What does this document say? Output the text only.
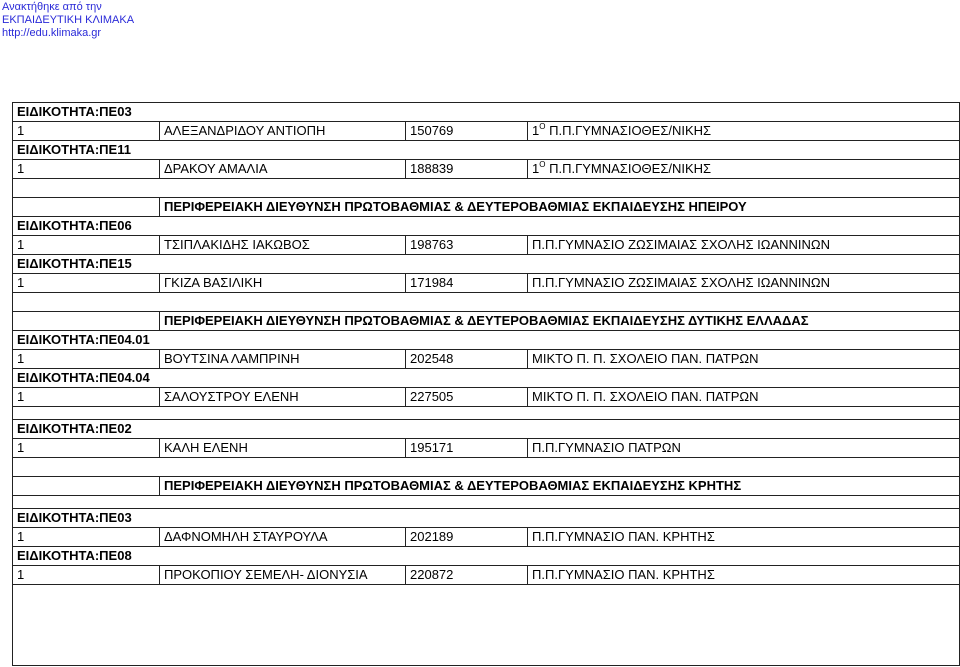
Ανακτήθηκε από την
ΕΚΠΑΙΔΕΥΤΙΚΗ ΚΛΙΜΑΚΑ
http://edu.klimaka.gr
ΕΙΔΙΚΟΤΗΤΑ:ΠΕ03			
1	ΑΛΕΞΑΝΔΡΙΔΟΥ ΑΝΤΙΟΠΗ	150769	$1^O$ Π.Π.ΓΥΜΝΑΣΙΟΘΕΣ/ΝΙΚΗΣ
ΕΙΔΙΚΟΤΗΤΑ:ΠΕ11			
1	ΔΡΑΚΟΥ ΑΜΑΛΙΑ	188839	$1^O$ Π.Π.ΓΥΜΝΑΣΙΟΘΕΣ/ΝΙΚΗΣ

	ΠΕΡΙΦΕΡΕΙΑΚΗ ΔΙΕΥΘΥΝΣΗ ΠΡΩΤΟΒΑΘΜΙΑΣ & ΔΕΥΤΕΡΟΒΑΘΜΙΑΣ ΕΚΠΑΙΔΕΥΣΗΣ ΗΠΕΙΡΟΥ		
ΕΙΔΙΚΟΤΗΤΑ:ΠΕ06			
1	ΤΣΙΠΛΑΚΙΔΗΣ ΙΑΚΩΒΟΣ	198763	Π.Π.ΓΥΜΝΑΣΙΟ ΖΩΣΙΜΑΙΑΣ ΣΧΟΛΗΣ ΙΩΑΝΝΙΝΩΝ
ΕΙΔΙΚΟΤΗΤΑ:ΠΕ15			
1	ΓΚΙΖΑ ΒΑΣΙΛΙΚΗ	171984	Π.Π.ΓΥΜΝΑΣΙΟ ΖΩΣΙΜΑΙΑΣ ΣΧΟΛΗΣ ΙΩΑΝΝΙΝΩΝ

	ΠΕΡΙΦΕΡΕΙΑΚΗ ΔΙΕΥΘΥΝΣΗ ΠΡΩΤΟΒΑΘΜΙΑΣ & ΔΕΥΤΕΡΟΒΑΘΜΙΑΣ ΕΚΠΑΙΔΕΥΣΗΣ ΔΥΤΙΚΗΣ ΕΛΛΑΔΑΣ		
ΕΙΔΙΚΟΤΗΤΑ:ΠΕ04.01			
1	ΒΟΥΤΣΙΝΑ ΛΑΜΠΡΙΝΗ	202548	ΜΙΚΤΟ Π. Π. ΣΧΟΛΕΙΟ ΠΑΝ. ΠΑΤΡΩΝ
ΕΙΔΙΚΟΤΗΤΑ:ΠΕ04.04			
1	ΣΑΛΟΥΣΤΡΟΥ ΕΛΕΝΗ	227505	ΜΙΚΤΟ Π. Π. ΣΧΟΛΕΙΟ ΠΑΝ. ΠΑΤΡΩΝ

ΕΙΔΙΚΟΤΗΤΑ:ΠΕ02			
1	ΚΑΛΗ ΕΛΕΝΗ	195171	Π.Π.ΓΥΜΝΑΣΙΟ ΠΑΤΡΩΝ

	ΠΕΡΙΦΕΡΕΙΑΚΗ ΔΙΕΥΘΥΝΣΗ ΠΡΩΤΟΒΑΘΜΙΑΣ & ΔΕΥΤΕΡΟΒΑΘΜΙΑΣ ΕΚΠΑΙΔΕΥΣΗΣ ΚΡΗΤΗΣ		

ΕΙΔΙΚΟΤΗΤΑ:ΠΕ03			
1	ΔΑΦΝΟΜΗΛΗ ΣΤΑΥΡΟΥΛΑ	202189	Π.Π.ΓΥΜΝΑΣΙΟ ΠΑΝ. ΚΡΗΤΗΣ
ΕΙΔΙΚΟΤΗΤΑ:ΠΕ08			
1	ΠΡΟΚΟΠΙΟΥ ΣΕΜΕΛΗ- ΔΙΟΝΥΣΙΑ	220872	Π.Π.ΓΥΜΝΑΣΙΟ ΠΑΝ. ΚΡΗΤΗΣ
